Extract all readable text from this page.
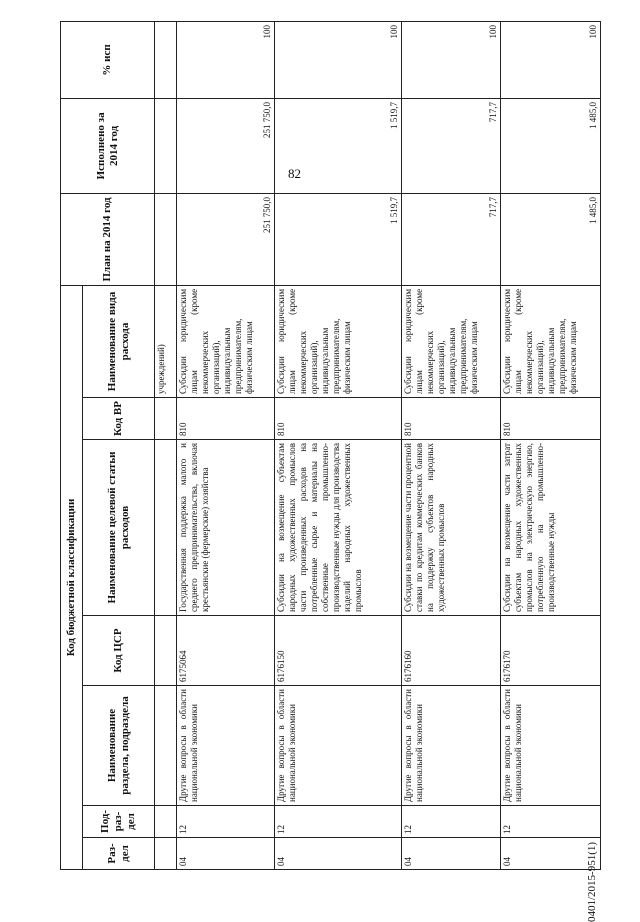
82
Код бюджетной классификации							План на 2014 год	Исполнено за 2014 год	% исп
Раз-дел	Под-раз-дел	Наименование раздела, подраздела	Код ЦСР	Наименование целевой статьи расходов	Код ВР	Наименование вида расхода			
						учреждений)			
04	12	Другие вопросы в области национальной экономики	6175064	Государственная поддержка малого и среднего предпринимательства, включая крестьянские (фермерские) хозяйства	810	Субсидии юридическим лицам (кроме некоммерческих организаций), индивидуальным предпринимателям, физическим лицам	251 750,0	251 750,0	100
04	12	Другие вопросы в области национальной экономики	6176150	Субсидии на возмещение субъектам народных художественных промыслов части произведенных расходов на потребленные сырье и материалы на собственные промышленно-производственные нужды для производства изделий народных художественных промыслов	810	Субсидии юридическим лицам (кроме некоммерческих организаций), индивидуальным предпринимателям, физическим лицам	1 519,7	1 519,7	100
04	12	Другие вопросы в области национальной экономики	6176160	Субсидии на возмещение части процентной ставки по кредитам коммерческих банков на поддержку субъектов народных художественных промыслов	810	Субсидии юридическим лицам (кроме некоммерческих организаций), индивидуальным предпринимателям, физическим лицам	717,7	717,7	100
04	12	Другие вопросы в области национальной экономики	6176170	Субсидии на возмещение части затрат субъектам народных художественных промыслов на электрическую энергию, потребленную на промышленно-производственные нужды	810	Субсидии юридическим лицам (кроме некоммерческих организаций), индивидуальным предпринимателям, физическим лицам	1 485,0	1 485,0	100
0401/2015-951(1)
